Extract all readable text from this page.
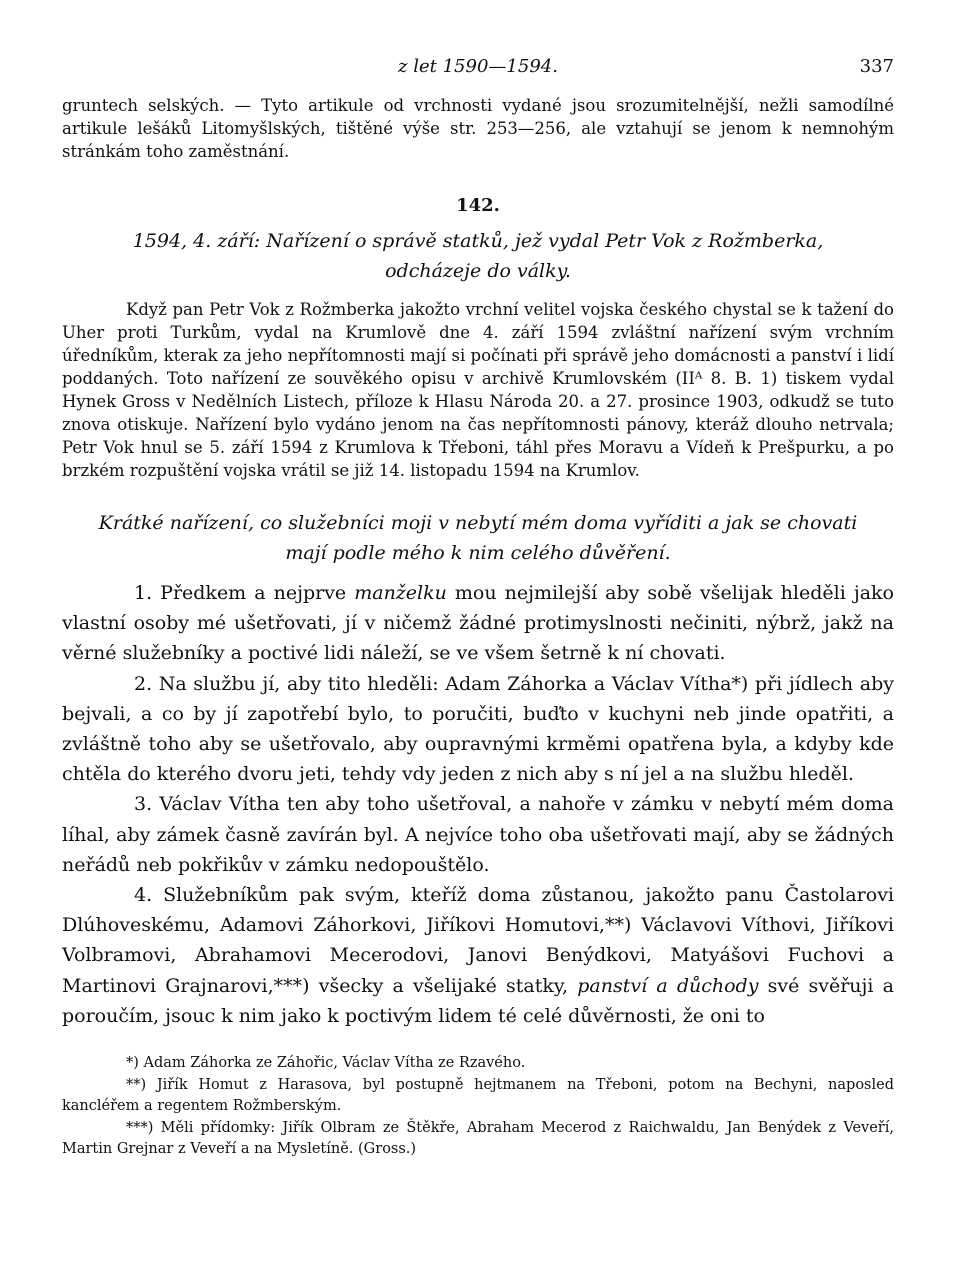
z let 1590—1594.	337

gruntech selských. — Tyto artikule od vrchnosti vydané jsou srozumitelnější, nežli samodílné artikule lešáků Litomyšlských, tištěné výše str. 253—256, ale vztahují se jenom k nemnohým stránkám toho zaměstnání.

142.
1594, 4. září: Nařízení o správě statků, jež vydal Petr Vok z Rožmberka,
odcházeje do války.

Když pan Petr Vok z Rožmberka jakožto vrchní velitel vojska českého chystal se k tažení do Uher proti Turkům, vydal na Krumlově dne 4. září 1594 zvláštní nařízení svým vrchním úředníkům, kterak za jeho nepřítomnosti mají si počínati při správě jeho domácnosti a panství i lidí poddaných. Toto nařízení ze souvěkého opisu v archivě Krumlovském (IIᴬ 8. B. 1) tiskem vydal Hynek Gross v Nedělních Listech, příloze k Hlasu Národa 20. a 27. prosince 1903, odkudž se tuto znova otiskuje. Nařízení bylo vydáno jenom na čas nepřítomnosti pánovy, kteráž dlouho netrvala; Petr Vok hnul se 5. září 1594 z Krumlova k Třeboni, táhl přes Moravu a Vídeň k Prešpurku, a po brzkém rozpuštění vojska vrátil se již 14. listopadu 1594 na Krumlov.

Krátké nařízení, co služebníci moji v nebytí mém doma vyříditi a jak se chovati
mají podle mého k nim celého důvěření.

1. Předkem a nejprve manželku mou nejmilejší aby sobě všelijak hleděli jako vlastní osoby mé ušetřovati, jí v ničemž žádné protimyslnosti nečiniti, nýbrž, jakž na věrné služebníky a poctivé lidi náleží, se ve všem šetrně k ní chovati.

2. Na službu jí, aby tito hleděli: Adam Záhorka a Václav Vítha*) při jídlech aby bejvali, a co by jí zapotřebí bylo, to poručiti, buďto v kuchyni neb jinde opatřiti, a zvláštně toho aby se ušetřovalo, aby oupravnými krměmi opatřena byla, a kdyby kde chtěla do kterého dvoru jeti, tehdy vdy jeden z nich aby s ní jel a na službu hleděl.

3. Václav Vítha ten aby toho ušetřoval, a nahoře v zámku v nebytí mém doma líhal, aby zámek časně zavírán byl. A nejvíce toho oba ušetřovati mají, aby se žádných neřádů neb pokřikův v zámku nedopouštělo.

4. Služebníkům pak svým, kteříž doma zůstanou, jakožto panu Častolarovi Dlúhoveskému, Adamovi Záhorkovi, Jiříkovi Homutovi,**) Václavovi Víthovi, Jiříkovi Volbramovi, Abrahamovi Mecerodovi, Janovi Benýdkovi, Matyášovi Fuchovi a Martinovi Grajnarovi,***) všecky a všelijaké statky, panství a důchody své svěřuji a poroučím, jsouc k nim jako k poctivým lidem té celé důvěrnosti, že oni to

*) Adam Záhorka ze Záhořic, Václav Vítha ze Rzavého.

**) Jiřík Homut z Harasova, byl postupně hejtmanem na Třeboni, potom na Bechyni, naposled kancléřem a regentem Rožmberským.

***) Měli přídomky: Jiřík Olbram ze Štěkře, Abraham Mecerod z Raichwaldu, Jan Benýdek z Veveří, Martin Grejnar z Veveří a na Mysletíně. (Gross.)
